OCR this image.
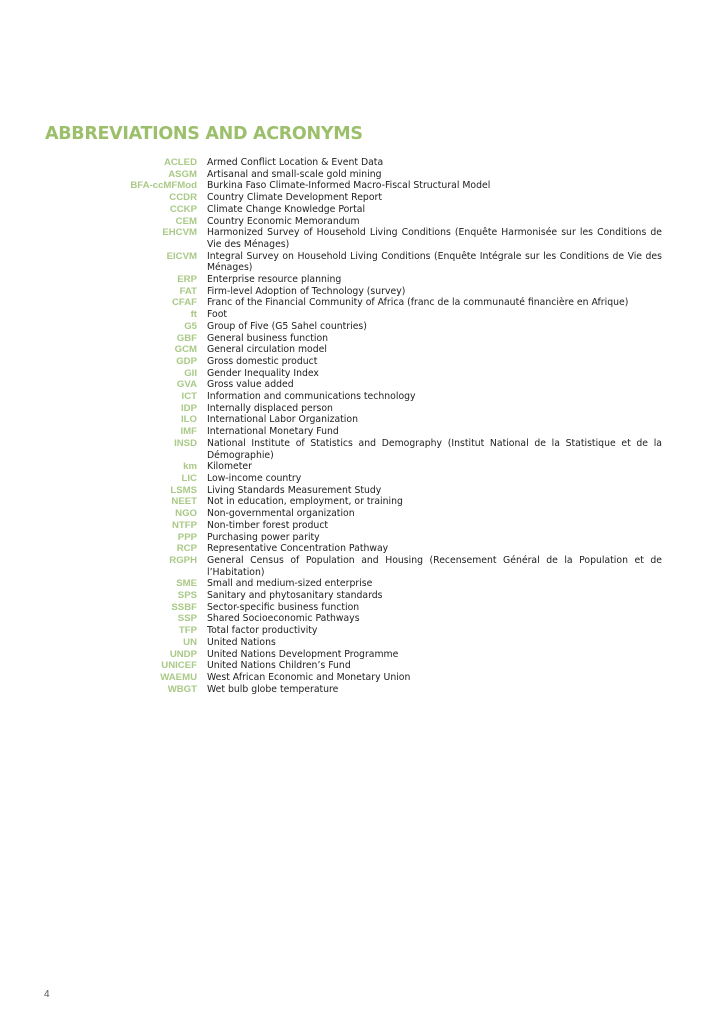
ABBREVIATIONS AND ACRONYMS
ACLED Armed Conflict Location & Event Data
ASGM Artisanal and small-scale gold mining
BFA-ccMFMod Burkina Faso Climate-Informed Macro-Fiscal Structural Model
CCDR Country Climate Development Report
CCKP Climate Change Knowledge Portal
CEM Country Economic Memorandum
EHCVM Harmonized Survey of Household Living Conditions (Enquête Harmonisée sur les Conditions de Vie des Ménages)
EICVM Integral Survey on Household Living Conditions (Enquête Intégrale sur les Conditions de Vie des Ménages)
ERP Enterprise resource planning
FAT Firm-level Adoption of Technology (survey)
CFAF Franc of the Financial Community of Africa (franc de la communauté financière en Afrique)
ft Foot
G5 Group of Five (G5 Sahel countries)
GBF General business function
GCM General circulation model
GDP Gross domestic product
GII Gender Inequality Index
GVA Gross value added
ICT Information and communications technology
IDP Internally displaced person
ILO International Labor Organization
IMF International Monetary Fund
INSD National Institute of Statistics and Demography (Institut National de la Statistique et de la Démographie)
km Kilometer
LIC Low-income country
LSMS Living Standards Measurement Study
NEET Not in education, employment, or training
NGO Non-governmental organization
NTFP Non-timber forest product
PPP Purchasing power parity
RCP Representative Concentration Pathway
RGPH General Census of Population and Housing (Recensement Général de la Population et de l’Habitation)
SME Small and medium-sized enterprise
SPS Sanitary and phytosanitary standards
SSBF Sector-specific business function
SSP Shared Socioeconomic Pathways
TFP Total factor productivity
UN United Nations
UNDP United Nations Development Programme
UNICEF United Nations Children’s Fund
WAEMU West African Economic and Monetary Union
WBGT Wet bulb globe temperature
4
